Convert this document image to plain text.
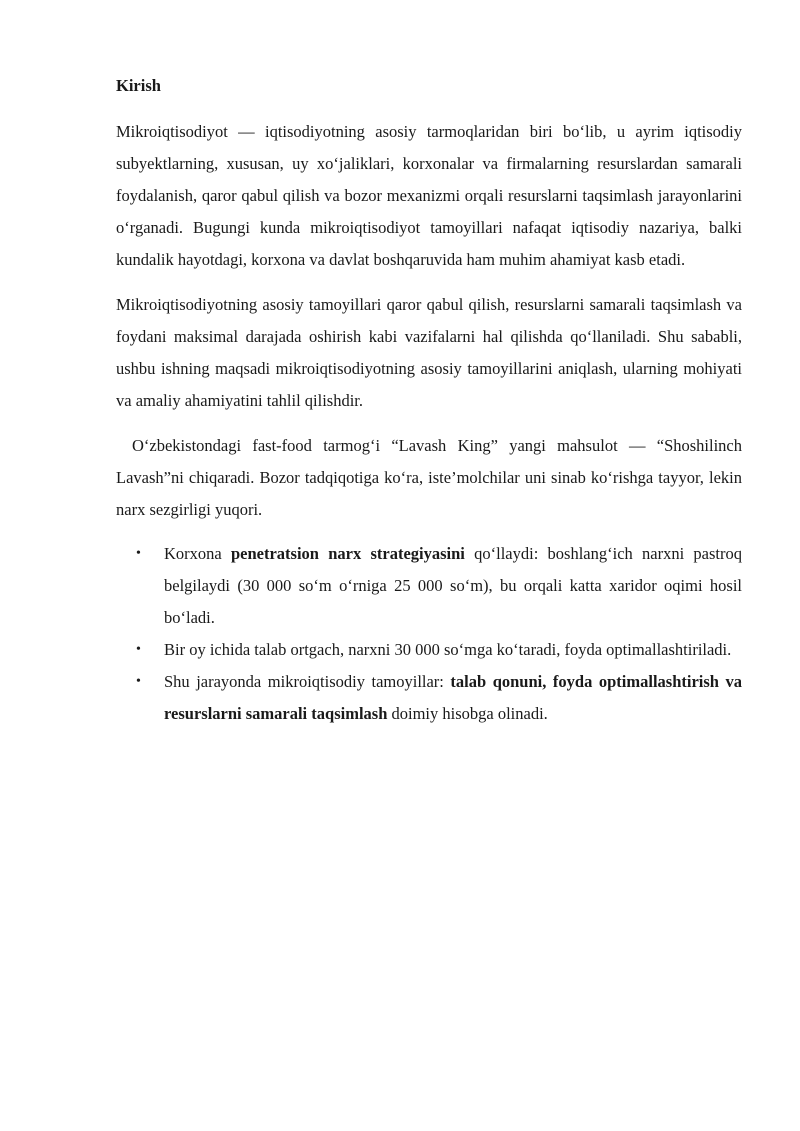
Kirish

Mikroiqtisodiyot — iqtisodiyotning asosiy tarmoqlaridan biri bo‘lib, u ayrim iqtisodiy subyektlarning, xususan, uy xo‘jaliklari, korxonalar va firmalarning resurslardan samarali foydalanish, qaror qabul qilish va bozor mexanizmi orqali resurslarni taqsimlash jarayonlarini o‘rganadi. Bugungi kunda mikroiqtisodiyot tamoyillari nafaqat iqtisodiy nazariya, balki kundalik hayotdagi, korxona va davlat boshqaruvida ham muhim ahamiyat kasb etadi.

Mikroiqtisodiyotning asosiy tamoyillari qaror qabul qilish, resurslarni samarali taqsimlash va foydani maksimal darajada oshirish kabi vazifalarni hal qilishda qo‘llaniladi. Shu sababli, ushbu ishning maqsadi mikroiqtisodiyotning asosiy tamoyillarini aniqlash, ularning mohiyati va amaliy ahamiyatini tahlil qilishdir.

O‘zbekistondagi fast-food tarmog‘i “Lavash King” yangi mahsulot — “Shoshilinch Lavash”ni chiqaradi. Bozor tadqiqotiga ko‘ra, iste’molchilar uni sinab ko‘rishga tayyor, lekin narx sezgirligi yuqori.

• Korxona penetratsion narx strategiyasini qo‘llaydi: boshlang‘ich narxni pastroq belgilaydi (30 000 so‘m o‘rniga 25 000 so‘m), bu orqali katta xaridor oqimi hosil bo‘ladi.
• Bir oy ichida talab ortgach, narxni 30 000 so‘mga ko‘taradi, foyda optimallashtiriladi.
• Shu jarayonda mikroiqtisodiy tamoyillar: talab qonuni, foyda optimallashtirish va resurslarni samarali taqsimlash doimiy hisobga olinadi.
